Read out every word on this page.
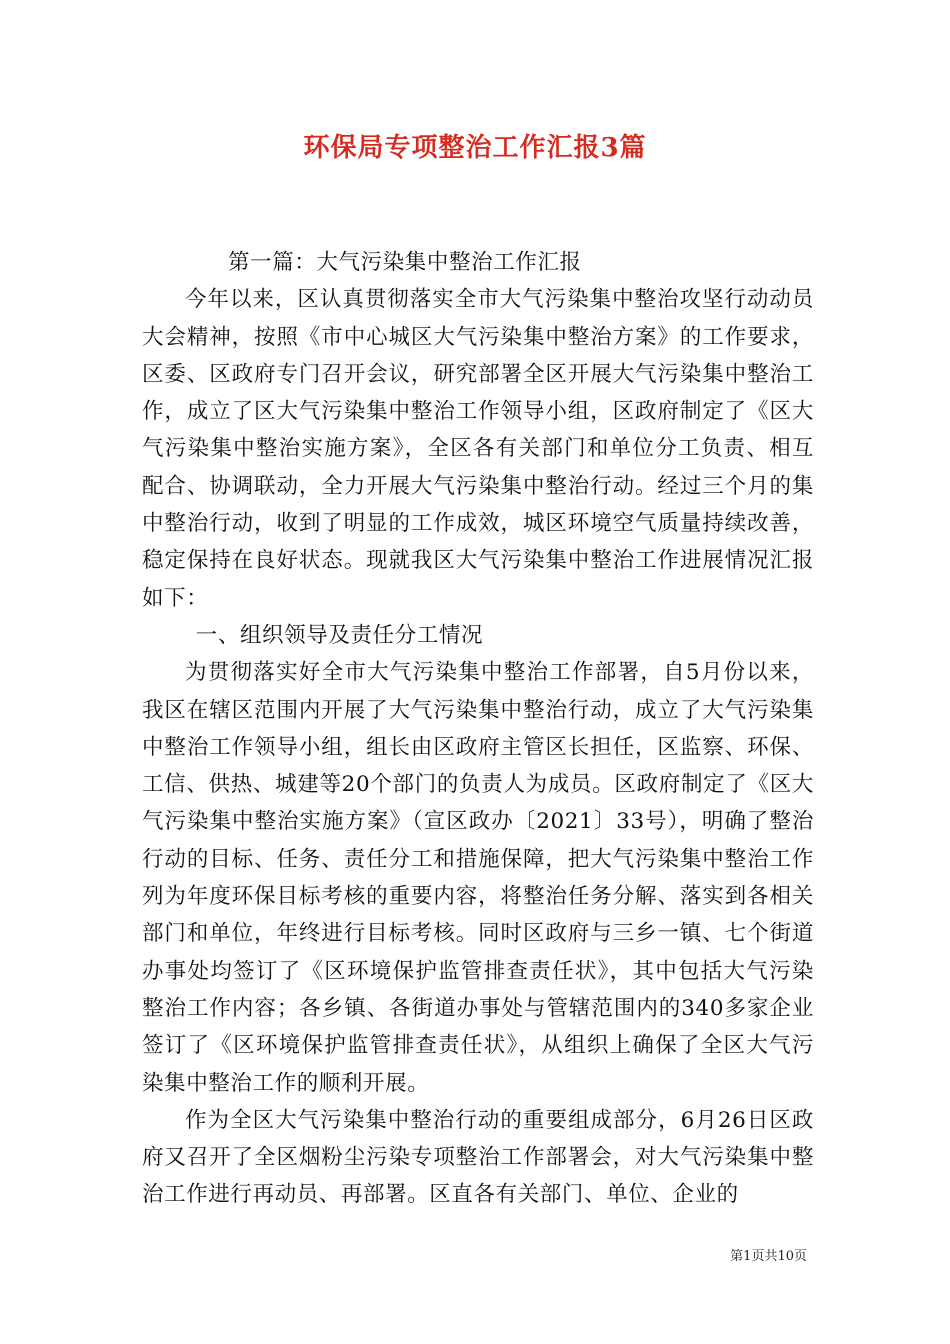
环保局专项整治工作汇报3篇

第一篇：大气污染集中整治工作汇报

今年以来，区认真贯彻落实全市大气污染集中整治攻坚行动动员大会精神，按照《市中心城区大气污染集中整治方案》的工作要求，区委、区政府专门召开会议，研究部署全区开展大气污染集中整治工作，成立了区大气污染集中整治工作领导小组，区政府制定了《区大气污染集中整治实施方案》，全区各有关部门和单位分工负责、相互配合、协调联动，全力开展大气污染集中整治行动。经过三个月的集中整治行动，收到了明显的工作成效，城区环境空气质量持续改善，稳定保持在良好状态。现就我区大气污染集中整治工作进展情况汇报如下：

一、组织领导及责任分工情况

为贯彻落实好全市大气污染集中整治工作部署，自5月份以来，我区在辖区范围内开展了大气污染集中整治行动，成立了大气污染集中整治工作领导小组，组长由区政府主管区长担任，区监察、环保、工信、供热、城建等20个部门的负责人为成员。区政府制定了《区大气污染集中整治实施方案》（宣区政办〔2021〕33号），明确了整治行动的目标、任务、责任分工和措施保障，把大气污染集中整治工作列为年度环保目标考核的重要内容，将整治任务分解、落实到各相关部门和单位，年终进行目标考核。同时区政府与三乡一镇、七个街道办事处均签订了《区环境保护监管排查责任状》，其中包括大气污染整治工作内容；各乡镇、各街道办事处与管辖范围内的340多家企业签订了《区环境保护监管排查责任状》，从组织上确保了全区大气污染集中整治工作的顺利开展。

作为全区大气污染集中整治行动的重要组成部分，6月26日区政府又召开了全区烟粉尘污染专项整治工作部署会，对大气污染集中整治工作进行再动员、再部署。区直各有关部门、单位、企业的

第1页共10页
